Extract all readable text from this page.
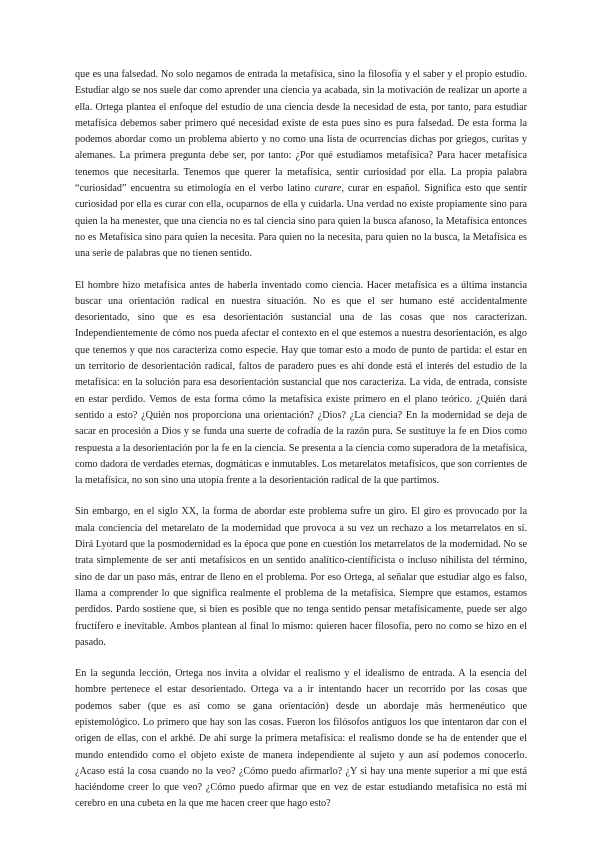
que es una falsedad. No solo negamos de entrada la metafísica, sino la filosofía y el saber y el propio estudio. Estudiar algo se nos suele dar como aprender una ciencia ya acabada, sin la motivación de realizar un aporte a ella. Ortega plantea el enfoque del estudio de una ciencia desde la necesidad de esta, por tanto, para estudiar metafísica debemos saber primero qué necesidad existe de esta pues sino es pura falsedad. De esta forma la podemos abordar como un problema abierto y no como una lista de ocurrencias dichas por griegos, curitas y alemanes. La primera pregunta debe ser, por tanto: ¿Por qué estudiamos metafísica? Para hacer metafísica tenemos que necesitarla. Tenemos que querer la metafísica, sentir curiosidad por ella. La propia palabra “curiosidad” encuentra su etimología en el verbo latino curare, curar en español. Significa esto que sentir curiosidad por ella es curar con ella, ocuparnos de ella y cuidarla. Una verdad no existe propiamente sino para quien la ha menester, que una ciencia no es tal ciencia sino para quien la busca afanoso, la Metafísica entonces no es Metafísica sino para quien la necesita. Para quien no la necesita, para quien no la busca, la Metafísica es una serie de palabras que no tienen sentido.

El hombre hizo metafísica antes de haberla inventado como ciencia. Hacer metafísica es a última instancia buscar una orientación radical en nuestra situación. No es que el ser humano esté accidentalmente desorientado, sino que es esa desorientación sustancial una de las cosas que nos caracterizan. Independientemente de cómo nos pueda afectar el contexto en el que estemos a nuestra desorientación, es algo que tenemos y que nos caracteriza como especie. Hay que tomar esto a modo de punto de partida: el estar en un territorio de desorientación radical, faltos de paradero pues es ahí donde está el interés del estudio de la metafísica: en la solución para esa desorientación sustancial que nos caracteriza. La vida, de entrada, consiste en estar perdido. Vemos de esta forma cómo la metafísica existe primero en el plano teórico. ¿Quién dará sentido a esto? ¿Quién nos proporciona una orientación? ¿Dios? ¿La ciencia? En la modernidad se deja de sacar en procesión a Dios y se funda una suerte de cofradía de la razón pura. Se sustituye la fe en Dios como respuesta a la desorientación por la fe en la ciencia. Se presenta a la ciencia como superadora de la metafísica, como dadora de verdades eternas, dogmáticas e inmutables. Los metarelatos metafísicos, que son corrientes de la metafísica, no son sino una utopía frente a la desorientación radical de la que partimos.

Sin embargo, en el siglo XX, la forma de abordar este problema sufre un giro. El giro es provocado por la mala conciencia del metarelato de la modernidad que provoca a su vez un rechazo a los metarrelatos en sí. Dirá Lyotard que la posmodernidad es la época que pone en cuestión los metarrelatos de la modernidad. No se trata simplemente de ser anti metafísicos en un sentido analítico-científicista o incluso nihilista del término, sino de dar un paso más, entrar de lleno en el problema. Por eso Ortega, al señalar que estudiar algo es falso, llama a comprender lo que significa realmente el problema de la metafísica. Siempre que estamos, estamos perdidos. Pardo sostiene que, si bien es posible que no tenga sentido pensar metafísicamente, puede ser algo fructífero e inevitable. Ambos plantean al final lo mismo: quieren hacer filosofía, pero no como se hizo en el pasado.

En la segunda lección, Ortega nos invita a olvidar el realismo y el idealismo de entrada. A la esencia del hombre pertenece el estar desorientado. Ortega va a ir intentando hacer un recorrido por las cosas que podemos saber (que es así como se gana orientación) desde un abordaje más hermenéutico que epistemológico. Lo primero que hay son las cosas. Fueron los filósofos antiguos los que intentaron dar con el origen de ellas, con el arkhé. De ahí surge la primera metafísica: el realismo donde se ha de entender que el mundo entendido como el objeto existe de manera independiente al sujeto y aun así podemos conocerlo. ¿Acaso está la cosa cuando no la veo? ¿Cómo puedo afirmarlo? ¿Y si hay una mente superior a mí que está haciéndome creer lo que veo? ¿Cómo puedo afirmar que en vez de estar estudiando metafísica no está mi cerebro en una cubeta en la que me hacen creer que hago esto?
